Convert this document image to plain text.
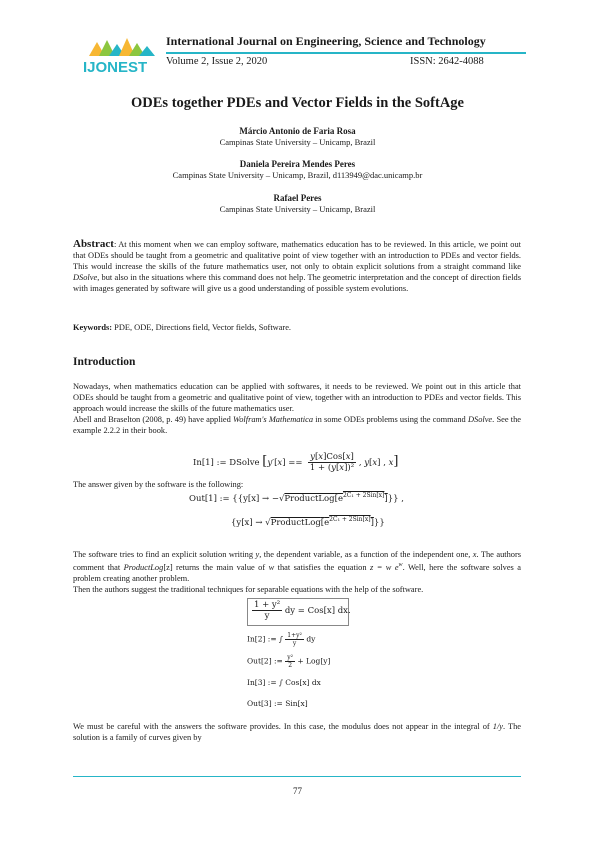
IJONEST
International Journal on Engineering, Science and Technology
Volume 2, Issue 2, 2020	ISSN: 2642-4088
ODEs together PDEs and Vector Fields in the SoftAge
Márcio Antonio de Faria Rosa
Campinas State University – Unicamp, Brazil
Daniela Pereira Mendes Peres
Campinas State University – Unicamp, Brazil, d113949@dac.unicamp.br
Rafael Peres
Campinas State University – Unicamp, Brazil
Abstract: At this moment when we can employ software, mathematics education has to be reviewed. In this article, we point out that ODEs should be taught from a geometric and qualitative point of view together with an introduction to PDEs and vector fields. This would increase the skills of the future mathematics user, not only to obtain explicit solutions from a straight command like DSolve, but also in the situations where this command does not help. The geometric interpretation and the concept of direction fields with images generated by software will give us a good understanding of possible system evolutions.
Keywords: PDE, ODE, Directions field, Vector fields, Software.
Introduction
Nowadays, when mathematics education can be applied with softwares, it needs to be reviewed. We point out in this article that ODEs should be taught from a geometric and qualitative point of view, together with an introduction to PDEs and vector fields. This approach would increase the skills of the future mathematics user.
Abell and Braselton (2008, p. 49) have applied Wolfram's Mathematica in some ODEs problems using the command DSolve. See the example 2.2.2 in their book.
In[1] := DSolve [$y'[x] == \frac{\text{y[x]Cos[x]}}{\text{1 + (y[x])²}}$ , y[x] , x]
The answer given by the software is the following:
Out[1] := $\{\{y[x] \to -√ProductLog[e^{2C_1 + 2Sin[x]}]\}\}$ ,
$\{y[x] \to √ProductLog[e^{2C_1 + 2Sin[x]}]\}$}
The software tries to find an explicit solution writing y, the dependent variable, as a function of the independent one, x. The authors comment that ProductLog[z] returns the main value of w that satisfies the equation z = w $e^w$. Well, here the software solves a problem creating another problem.
Then the authors suggest the traditional techniques for separable equations with the help of the software.
$\frac{\text{1 + y²}}{y}$ dy = Cos[x] dx.
In[2] := ∫ $\frac{\text{1+y²}}{y}$ dy
Out[2] := $\frac{\text{y²}}{2} + Log[y]$
In[3] := ∫ Cos[x] dx
Out[3] := Sin[x]
We must be careful with the answers the software provides. In this case, the modulus does not appear in the integral of 1/y. The solution is a family of curves given by
77
